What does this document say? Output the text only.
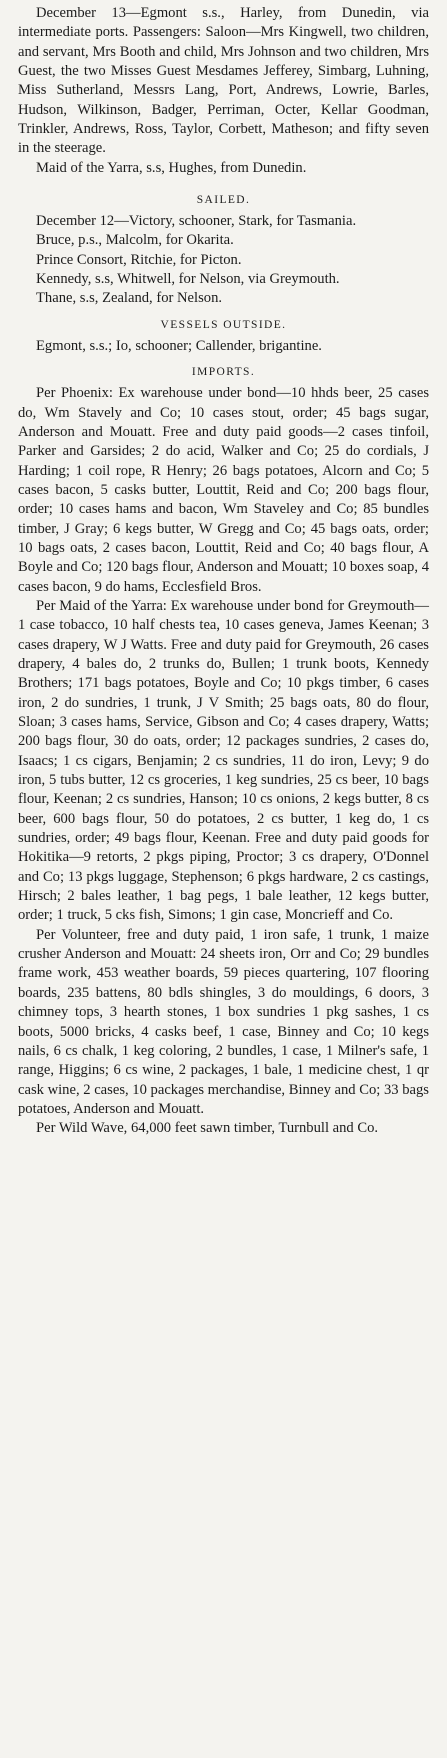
December 13—Egmont s.s., Harley, from Dunedin, via intermediate ports. Passengers: Saloon—Mrs Kingwell, two children, and servant, Mrs Booth and child, Mrs Johnson and two children, Mrs Guest, the two Misses Guest Mesdames Jefferey, Simbarg, Luhning, Miss Sutherland, Messrs Lang, Port, Andrews, Lowrie, Barles, Hudson, Wilkinson, Badger, Perriman, Octer, Kellar Goodman, Trinkler, Andrews, Ross, Taylor, Corbett, Matheson; and fifty seven in the steerage.

Maid of the Yarra, s.s, Hughes, from Dunedin.

SAILED.

December 12—Victory, schooner, Stark, for Tasmania.

Bruce, p.s., Malcolm, for Okarita.

Prince Consort, Ritchie, for Picton.

Kennedy, s.s, Whitwell, for Nelson, via Greymouth.

Thane, s.s, Zealand, for Nelson.

VESSELS OUTSIDE.

Egmont, s.s.; Io, schooner; Callender, brigantine.

IMPORTS.

Per Phoenix: Ex warehouse under bond—10 hhds beer, 25 cases do, Wm Stavely and Co; 10 cases stout, order; 45 bags sugar, Anderson and Mouatt. Free and duty paid goods—2 cases tinfoil, Parker and Garsides; 2 do acid, Walker and Co; 25 do cordials, J Harding; 1 coil rope, R Henry; 26 bags potatoes, Alcorn and Co; 5 cases bacon, 5 casks butter, Louttit, Reid and Co; 200 bags flour, order; 10 cases hams and bacon, Wm Staveley and Co; 85 bundles timber, J Gray; 6 kegs butter, W Gregg and Co; 45 bags oats, order; 10 bags oats, 2 cases bacon, Louttit, Reid and Co; 40 bags flour, A Boyle and Co; 120 bags flour, Anderson and Mouatt; 10 boxes soap, 4 cases bacon, 9 do hams, Ecclesfield Bros.

Per Maid of the Yarra: Ex warehouse under bond for Greymouth—1 case tobacco, 10 half chests tea, 10 cases geneva, James Keenan; 3 cases drapery, W J Watts. Free and duty paid for Greymouth, 26 cases drapery, 4 bales do, 2 trunks do, Bullen; 1 trunk boots, Kennedy Brothers; 171 bags potatoes, Boyle and Co; 10 pkgs timber, 6 cases iron, 2 do sundries, 1 trunk, J V Smith; 25 bags oats, 80 do flour, Sloan; 3 cases hams, Service, Gibson and Co; 4 cases drapery, Watts; 200 bags flour, 30 do oats, order; 12 packages sundries, 2 cases do, Isaacs; 1 cs cigars, Benjamin; 2 cs sundries, 11 do iron, Levy; 9 do iron, 5 tubs butter, 12 cs groceries, 1 keg sundries, 25 cs beer, 10 bags flour, Keenan; 2 cs sundries, Hanson; 10 cs onions, 2 kegs butter, 8 cs beer, 600 bags flour, 50 do potatoes, 2 cs butter, 1 keg do, 1 cs sundries, order; 49 bags flour, Keenan. Free and duty paid goods for Hokitika—9 retorts, 2 pkgs piping, Proctor; 3 cs drapery, O'Donnel and Co; 13 pkgs luggage, Stephenson; 6 pkgs hardware, 2 cs castings, Hirsch; 2 bales leather, 1 bag pegs, 1 bale leather, 12 kegs butter, order; 1 truck, 5 cks fish, Simons; 1 gin case, Moncrieff and Co.

Per Volunteer, free and duty paid, 1 iron safe, 1 trunk, 1 maize crusher Anderson and Mouatt: 24 sheets iron, Orr and Co; 29 bundles frame work, 453 weather boards, 59 pieces quartering, 107 flooring boards, 235 battens, 80 bdls shingles, 3 do mouldings, 6 doors, 3 chimney tops, 3 hearth stones, 1 box sundries 1 pkg sashes, 1 cs boots, 5000 bricks, 4 casks beef, 1 case, Binney and Co; 10 kegs nails, 6 cs chalk, 1 keg coloring, 2 bundles, 1 case, 1 Milner's safe, 1 range, Higgins; 6 cs wine, 2 packages, 1 bale, 1 medicine chest, 1 qr cask wine, 2 cases, 10 packages merchandise, Binney and Co; 33 bags potatoes, Anderson and Mouatt.

Per Wild Wave, 64,000 feet sawn timber, Turnbull and Co.
